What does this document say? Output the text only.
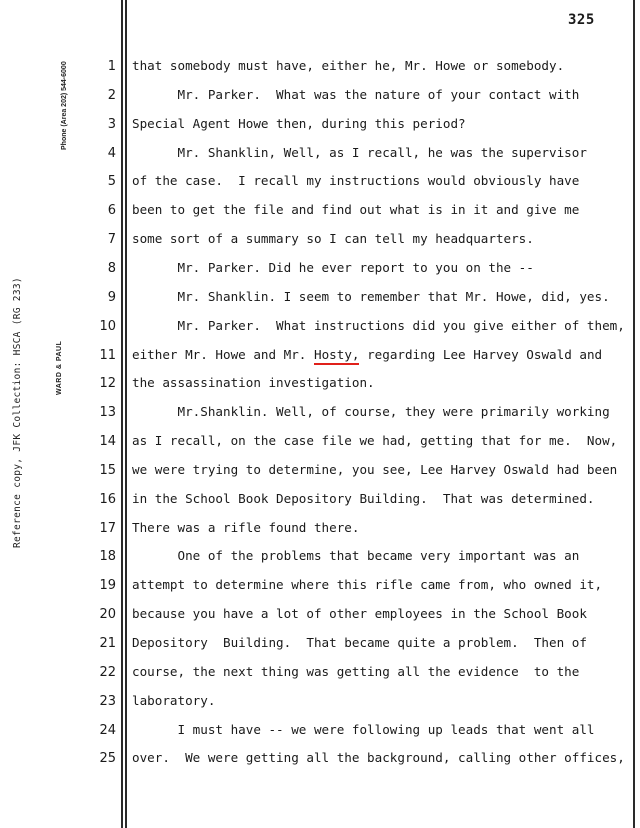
325
Phone (Area 202) 544-6000
Reference copy, JFK Collection: HSCA (RG 233)	WARD & PAUL
1 that somebody must have, either he, Mr. Howe or somebody.
2 Mr. Parker.  What was the nature of your contact with
3 Special Agent Howe then, during this period?
4 Mr. Shanklin, Well, as I recall, he was the supervisor
5 of the case.  I recall my instructions would obviously have
6 been to get the file and find out what is in it and give me
7 some sort of a summary so I can tell my headquarters.
8 Mr. Parker. Did he ever report to you on the --
9 Mr. Shanklin. I seem to remember that Mr. Howe, did, yes.
10 Mr. Parker.  What instructions did you give either of them,
11 either Mr. Howe and Mr. Hosty, regarding Lee Harvey Oswald and
12 the assassination investigation.
13 Mr.Shanklin. Well, of course, they were primarily working
14 as I recall, on the case file we had, getting that for me.  Now,
15 we were trying to determine, you see, Lee Harvey Oswald had been
16 in the School Book Depository Building.  That was determined.
17 There was a rifle found there.
18 One of the problems that became very important was an
19 attempt to determine where this rifle came from, who owned it,
20 because you have a lot of other employees in the School Book
21 Depository  Building.  That became quite a problem.  Then of
22 course, the next thing was getting all the evidence  to the
23 laboratory.
24 I must have -- we were following up leads that went all
25 over.  We were getting all the background, calling other offices,
